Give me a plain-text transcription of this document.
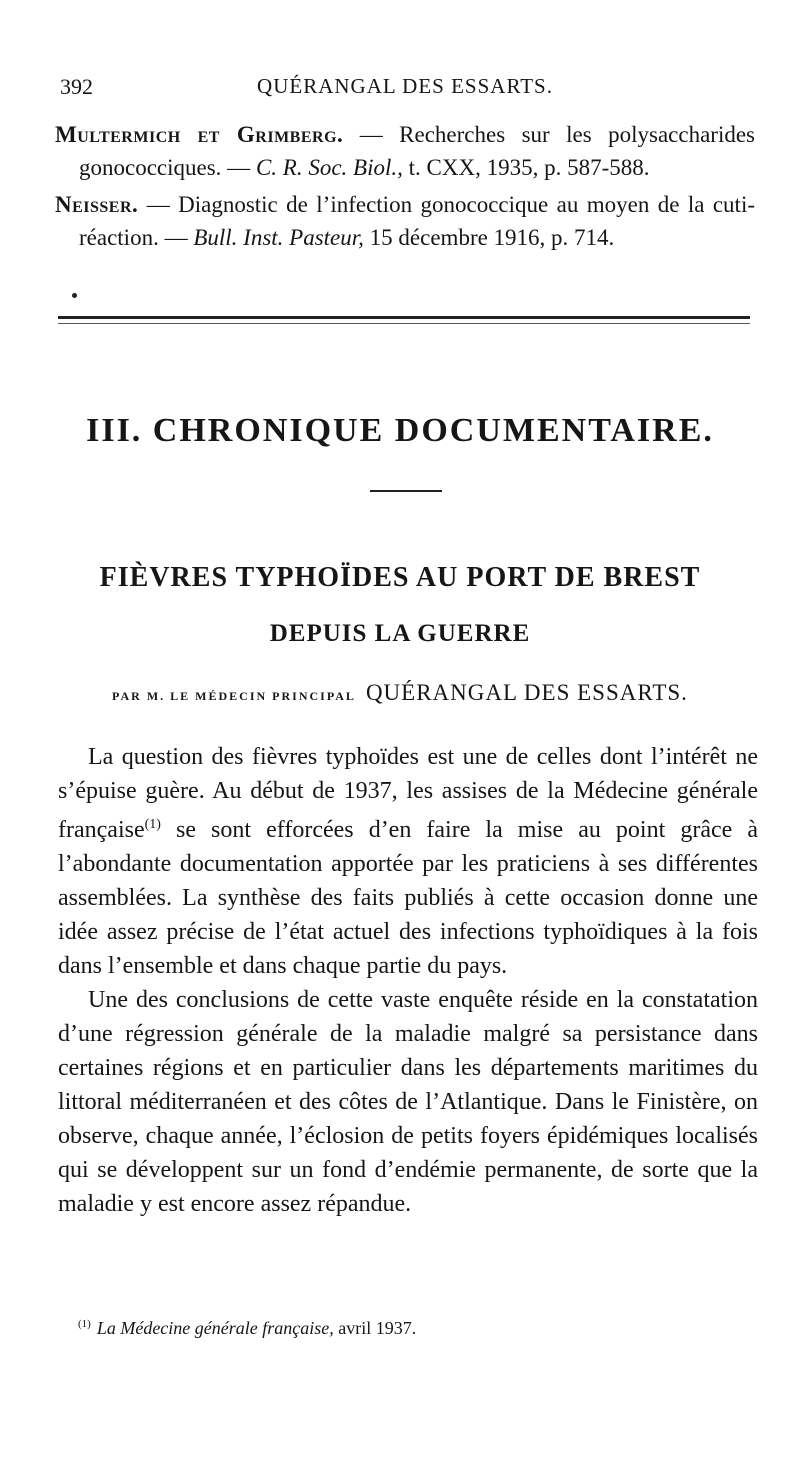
392	QUÉRANGAL DES ESSARTS.

Multermich et Grimberg. — Recherches sur les polysaccharides gonococciques. — C. R. Soc. Biol., t. CXX, 1935, p. 587-588.

Neisser. — Diagnostic de l’infection gonococcique au moyen de la cuti-réaction. — Bull. Inst. Pasteur, 15 décembre 1916, p. 714.

III. CHRONIQUE DOCUMENTAIRE.
FIÈVRES TYPHOÏDES AU PORT DE BREST
DEPUIS LA GUERRE
PAR M. LE MÉDECIN PRINCIPAL QUÉRANGAL DES ESSARTS.

La question des fièvres typhoïdes est une de celles dont l’intérêt ne s’épuise guère. Au début de 1937, les assises de la Médecine générale française$^{(1)}$ se sont efforcées d’en faire la mise au point grâce à l’abondante documentation apportée par les praticiens à ses différentes assemblées. La synthèse des faits publiés à cette occasion donne une idée assez précise de l’état actuel des infections typhoïdiques à la fois dans l’ensemble et dans chaque partie du pays.

Une des conclusions de cette vaste enquête réside en la constatation d’une régression générale de la maladie malgré sa persistance dans certaines régions et en particulier dans les départements maritimes du littoral méditerranéen et des côtes de l’Atlantique. Dans le Finistère, on observe, chaque année, l’éclosion de petits foyers épidémiques localisés qui se développent sur un fond d’endémie permanente, de sorte que la maladie y est encore assez répandue.

$^{(1)}$ La Médecine générale française, avril 1937.
